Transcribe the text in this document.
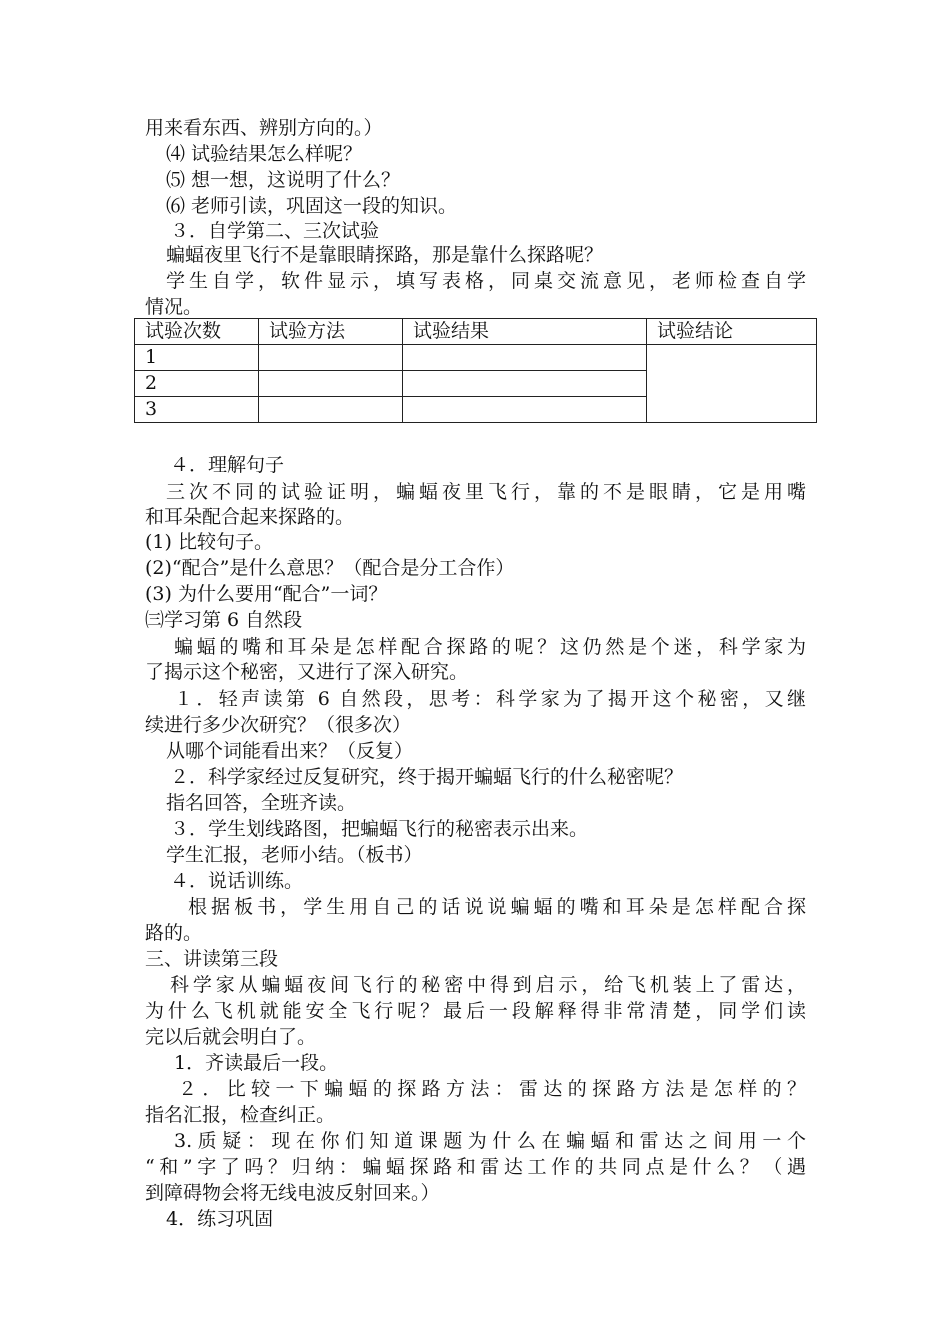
用来看东西、辨别方向的。）
⑷ 试验结果怎么样呢？
⑸ 想一想，这说明了什么？
⑹ 老师引读，巩固这一段的知识。
３．自学第二、三次试验
蝙蝠夜里飞行不是靠眼睛探路，那是靠什么探路呢？
学生自学，软件显示，填写表格，同桌交流意见，老师检查自学
情况。
试验次数	试验方法	试验结果	试验结论
1			
2			
3			
４．理解句子
三次不同的试验证明，蝙蝠夜里飞行，靠的不是眼睛，它是用嘴
和耳朵配合起来探路的。
(1) 比较句子。
(2)“配合”是什么意思？（配合是分工合作）
(3) 为什么要用“配合”一词？
㈢学习第 6 自然段
蝙蝠的嘴和耳朵是怎样配合探路的呢？这仍然是个迷，科学家为
了揭示这个秘密，又进行了深入研究。
１．轻声读第 6 自然段，思考：科学家为了揭开这个秘密，又继
续进行多少次研究？（很多次）
从哪个词能看出来？（反复）
２．科学家经过反复研究，终于揭开蝙蝠飞行的什么秘密呢？
指名回答，全班齐读。
３．学生划线路图，把蝙蝠飞行的秘密表示出来。
学生汇报，老师小结。（板书）
４．说话训练。
根据板书，学生用自己的话说说蝙蝠的嘴和耳朵是怎样配合探
路的。
三、讲读第三段
科学家从蝙蝠夜间飞行的秘密中得到启示，给飞机装上了雷达，
为什么飞机就能安全飞行呢？最后一段解释得非常清楚，同学们读
完以后就会明白了。
1．齐读最后一段。
２．比较一下蝙蝠的探路方法：雷达的探路方法是怎样的？
指名汇报，检查纠正。
3.质疑：现在你们知道课题为什么在蝙蝠和雷达之间用一个
“和”字了吗？归纳：蝙蝠探路和雷达工作的共同点是什么？（遇
到障碍物会将无线电波反射回来。）
4．练习巩固
